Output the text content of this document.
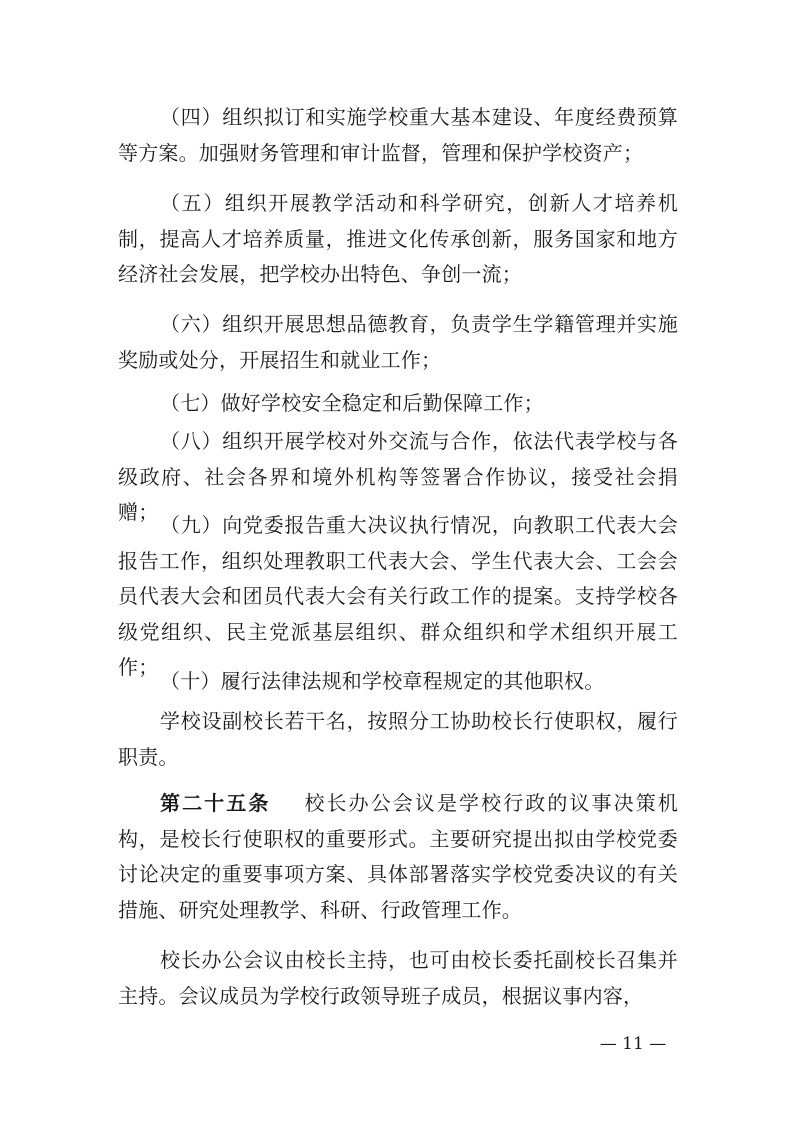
（四）组织拟订和实施学校重大基本建设、年度经费预算等方案。加强财务管理和审计监督，管理和保护学校资产；

（五）组织开展教学活动和科学研究，创新人才培养机制，提高人才培养质量，推进文化传承创新，服务国家和地方经济社会发展，把学校办出特色、争创一流；

（六）组织开展思想品德教育，负责学生学籍管理并实施奖励或处分，开展招生和就业工作；

（七）做好学校安全稳定和后勤保障工作；

（八）组织开展学校对外交流与合作，依法代表学校与各级政府、社会各界和境外机构等签署合作协议，接受社会捐赠；

（九）向党委报告重大决议执行情况，向教职工代表大会报告工作，组织处理教职工代表大会、学生代表大会、工会会员代表大会和团员代表大会有关行政工作的提案。支持学校各级党组织、民主党派基层组织、群众组织和学术组织开展工作；

（十）履行法律法规和学校章程规定的其他职权。

学校设副校长若干名，按照分工协助校长行使职权，履行职责。

第二十五条 校长办公会议是学校行政的议事决策机构，是校长行使职权的重要形式。主要研究提出拟由学校党委讨论决定的重要事项方案、具体部署落实学校党委决议的有关措施、研究处理教学、科研、行政管理工作。

校长办公会议由校长主持，也可由校长委托副校长召集并主持。会议成员为学校行政领导班子成员，根据议事内容，

— 11 —
